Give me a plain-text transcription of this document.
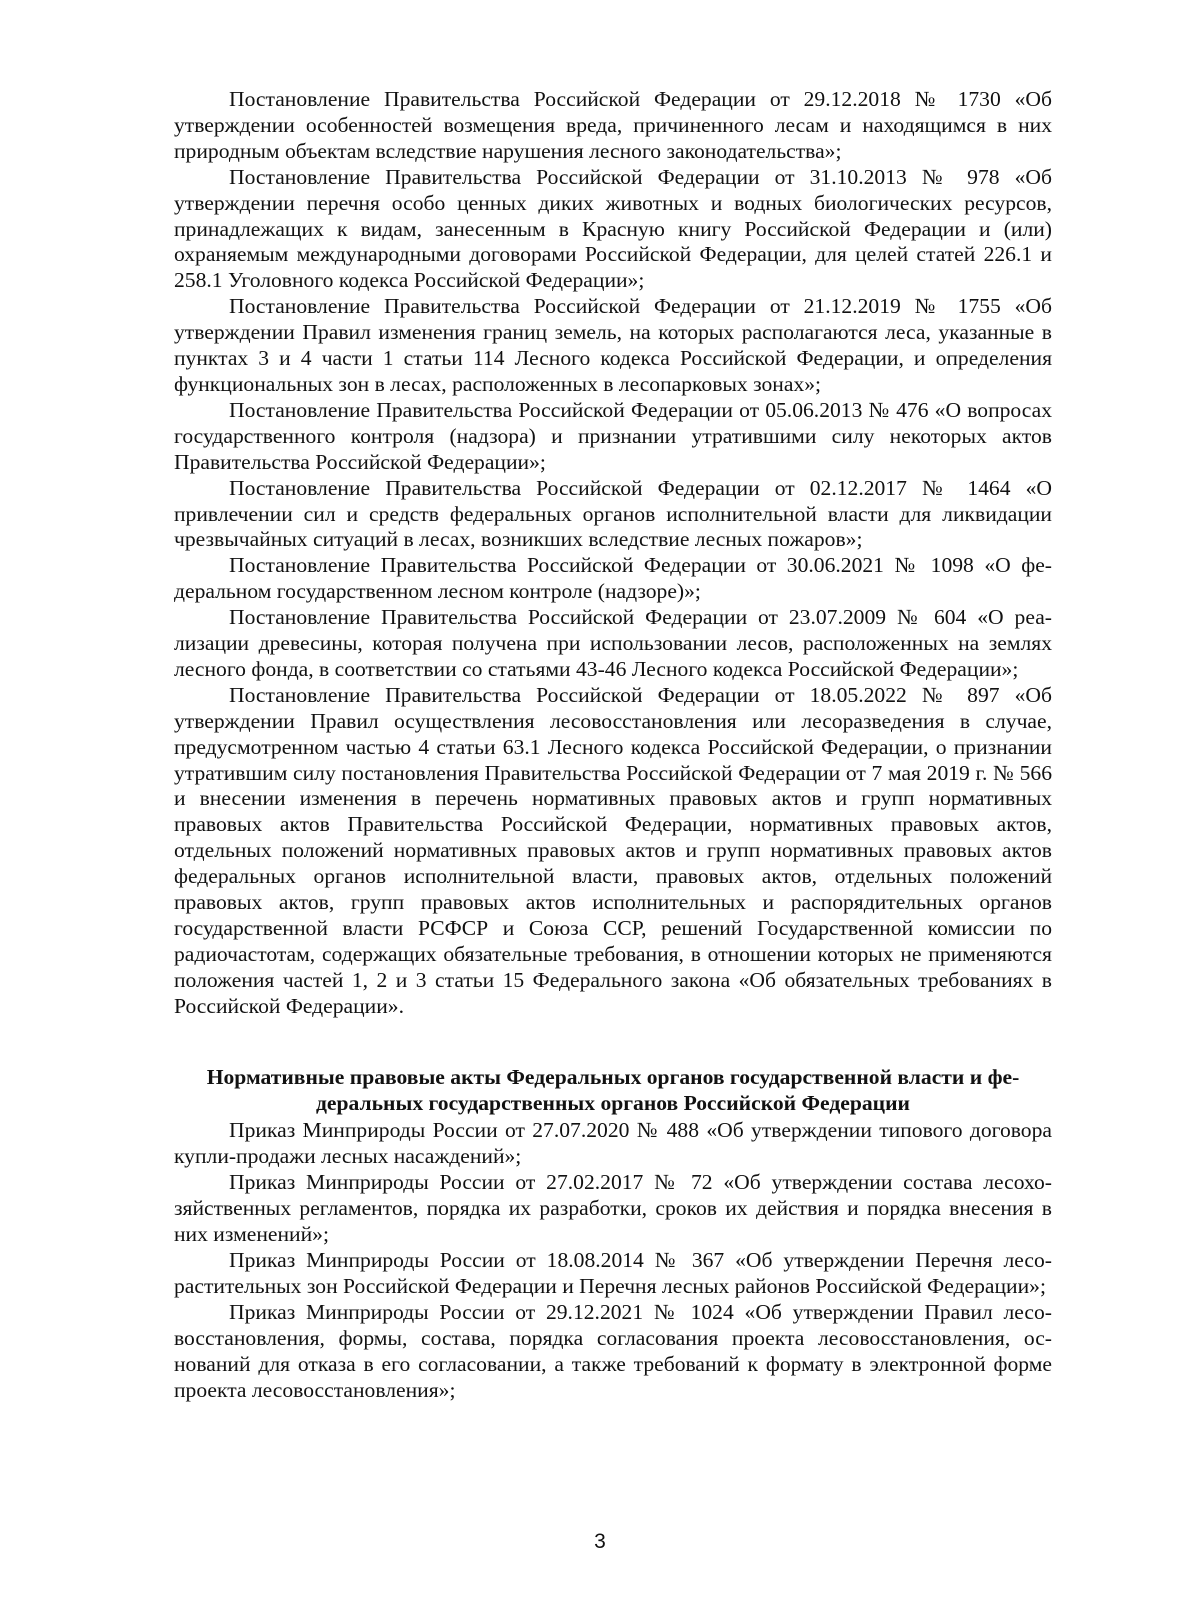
Постановление Правительства Российской Федерации от 29.12.2018 № 1730 «Об утверждении особенностей возмещения вреда, причиненного лесам и находящимся в них природным объектам вследствие нарушения лесного законодательства»;

Постановление Правительства Российской Федерации от 31.10.2013 № 978 «Об утверждении перечня особо ценных диких животных и водных биологических ресурсов, принадлежащих к видам, занесенным в Красную книгу Российской Федерации и (или) охраняемым международными договорами Российской Федерации, для целей статей 226.1 и 258.1 Уголовного кодекса Российской Федерации»;

Постановление Правительства Российской Федерации от 21.12.2019 № 1755 «Об утверждении Правил изменения границ земель, на которых располагаются леса, указанные в пунктах 3 и 4 части 1 статьи 114 Лесного кодекса Российской Федерации, и определения функциональных зон в лесах, расположенных в лесопарковых зонах»;

Постановление Правительства Российской Федерации от 05.06.2013 № 476 «О вопросах государственного контроля (надзора) и признании утратившими силу некоторых актов Правительства Российской Федерации»;

Постановление Правительства Российской Федерации от 02.12.2017 № 1464 «О привлечении сил и средств федеральных органов исполнительной власти для ликвидации чрезвычайных ситуаций в лесах, возникших вследствие лесных пожаров»;

Постановление Правительства Российской Федерации от 30.06.2021 № 1098 «О федеральном государственном лесном контроле (надзоре)»;

Постановление Правительства Российской Федерации от 23.07.2009 № 604 «О реализации древесины, которая получена при использовании лесов, расположенных на землях лесного фонда, в соответствии со статьями 43-46 Лесного кодекса Российской Федерации»;

Постановление Правительства Российской Федерации от 18.05.2022 № 897 «Об утверждении Правил осуществления лесовосстановления или лесоразведения в случае, предусмотренном частью 4 статьи 63.1 Лесного кодекса Российской Федерации, о признании утратившим силу постановления Правительства Российской Федерации от 7 мая 2019 г. № 566 и внесении изменения в перечень нормативных правовых актов и групп нормативных правовых актов Правительства Российской Федерации, нормативных правовых актов, отдельных положений нормативных правовых актов и групп нормативных правовых актов федеральных органов исполнительной власти, правовых актов, отдельных положений правовых актов, групп правовых актов исполнительных и распорядительных органов государственной власти РСФСР и Союза ССР, решений Государственной комиссии по радиочастотам, содержащих обязательные требования, в отношении которых не применяются положения частей 1, 2 и 3 статьи 15 Федерального закона «Об обязательных требованиях в Российской Федерации».

Нормативные правовые акты Федеральных органов государственной власти и федеральных государственных органов Российской Федерации

Приказ Минприроды России от 27.07.2020 № 488 «Об утверждении типового договора купли-продажи лесных насаждений»;

Приказ Минприроды России от 27.02.2017 № 72 «Об утверждении состава лесохозяйственных регламентов, порядка их разработки, сроков их действия и порядка внесения в них изменений»;

Приказ Минприроды России от 18.08.2014 № 367 «Об утверждении Перечня лесорастительных зон Российской Федерации и Перечня лесных районов Российской Федерации»;

Приказ Минприроды России от 29.12.2021 № 1024 «Об утверждении Правил лесовосстановления, формы, состава, порядка согласования проекта лесовосстановления, оснований для отказа в его согласовании, а также требований к формату в электронной форме проекта лесовосстановления»;

3
